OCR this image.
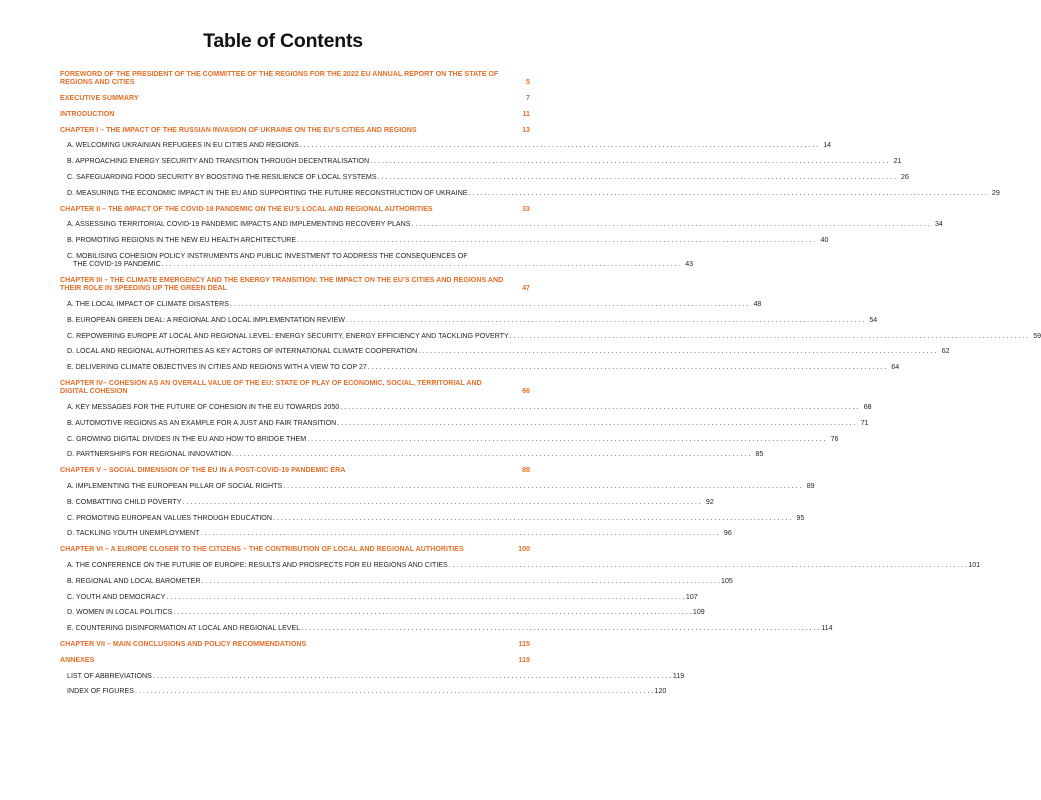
Table of Contents
FOREWORD OF THE PRESIDENT OF THE COMMITTEE OF THE REGIONS FOR THE 2022 EU ANNUAL REPORT ON THE STATE OF REGIONS AND CITIES	5
EXECUTIVE SUMMARY	7
INTRODUCTION	11
CHAPTER I – THE IMPACT OF THE RUSSIAN INVASION OF UKRAINE ON THE EU’S CITIES AND REGIONS	13
A. WELCOMING UKRAINIAN REFUGEES IN EU CITIES AND REGIONS . . .	14
B. APPROACHING ENERGY SECURITY AND TRANSITION THROUGH DECENTRALISATION . . .	21
C. SAFEGUARDING FOOD SECURITY BY BOOSTING THE RESILIENCE OF LOCAL SYSTEMS . . .	26
D. MEASURING THE ECONOMIC IMPACT IN THE EU AND SUPPORTING THE FUTURE RECONSTRUCTION OF UKRAINE . . .	29
CHAPTER II – THE IMPACT OF THE COVID-19 PANDEMIC ON THE EU’S LOCAL AND REGIONAL AUTHORITIES	33
A. ASSESSING TERRITORIAL COVID-19 PANDEMIC IMPACTS AND IMPLEMENTING RECOVERY PLANS . . .	34
B. PROMOTING REGIONS IN THE NEW EU HEALTH ARCHITECTURE . . .	40
C. MOBILISING COHESION POLICY INSTRUMENTS AND PUBLIC INVESTMENT TO ADDRESS THE CONSEQUENCES OF
THE COVID-19 PANDEMIC . . .	43
CHAPTER III – THE CLIMATE EMERGENCY AND THE ENERGY TRANSITION: THE IMPACT ON THE EU’S CITIES AND REGIONS AND THEIR ROLE IN SPEEDING UP THE GREEN DEAL	47
A. THE LOCAL IMPACT OF CLIMATE DISASTERS . . .	48
B. EUROPEAN GREEN DEAL: A REGIONAL AND LOCAL IMPLEMENTATION REVIEW . . .	54
C. REPOWERING EUROPE AT LOCAL AND REGIONAL LEVEL: ENERGY SECURITY, ENERGY EFFICIENCY AND TACKLING POVERTY . . .	59
D. LOCAL AND REGIONAL AUTHORITIES AS KEY ACTORS OF INTERNATIONAL CLIMATE COOPERATION . . .	62
E. DELIVERING CLIMATE OBJECTIVES IN CITIES AND REGIONS WITH A VIEW TO COP 27 . . .	64
CHAPTER IV– COHESION AS AN OVERALL VALUE OF THE EU: STATE OF PLAY OF ECONOMIC, SOCIAL, TERRITORIAL AND DIGITAL COHESION	66
A. KEY MESSAGES FOR THE FUTURE OF COHESION IN THE EU TOWARDS 2050 . . .	68
B. AUTOMOTIVE REGIONS AS AN EXAMPLE FOR A JUST AND FAIR TRANSITION . . .	71
C. GROWING DIGITAL DIVIDES IN THE EU AND HOW TO BRIDGE THEM . . .	76
D. PARTNERSHIPS FOR REGIONAL INNOVATION . . .	85
CHAPTER V – SOCIAL DIMENSION OF THE EU IN A POST-COVID-19 PANDEMIC ERA	88
A. IMPLEMENTING THE EUROPEAN PILLAR OF SOCIAL RIGHTS . . .	89
B. COMBATTING CHILD POVERTY . . .	92
C. PROMOTING EUROPEAN VALUES THROUGH EDUCATION . . .	95
D. TACKLING YOUTH UNEMPLOYMENT . . .	96
CHAPTER VI – A EUROPE CLOSER TO THE CITIZENS – THE CONTRIBUTION OF LOCAL AND REGIONAL AUTHORITIES	100
A. THE CONFERENCE ON THE FUTURE OF EUROPE: RESULTS AND PROSPECTS FOR EU REGIONS AND CITIES . . .	101
B. REGIONAL AND LOCAL BAROMETER . . .	105
C. YOUTH AND DEMOCRACY . . .	107
D. WOMEN IN LOCAL POLITICS . . .	109
E. COUNTERING DISINFORMATION AT LOCAL AND REGIONAL LEVEL . . .	114
CHAPTER VII – MAIN CONCLUSIONS AND POLICY RECOMMENDATIONS	115
ANNEXES	119
LIST OF ABBREVIATIONS . . .	119
INDEX OF FIGURES . . .	120
